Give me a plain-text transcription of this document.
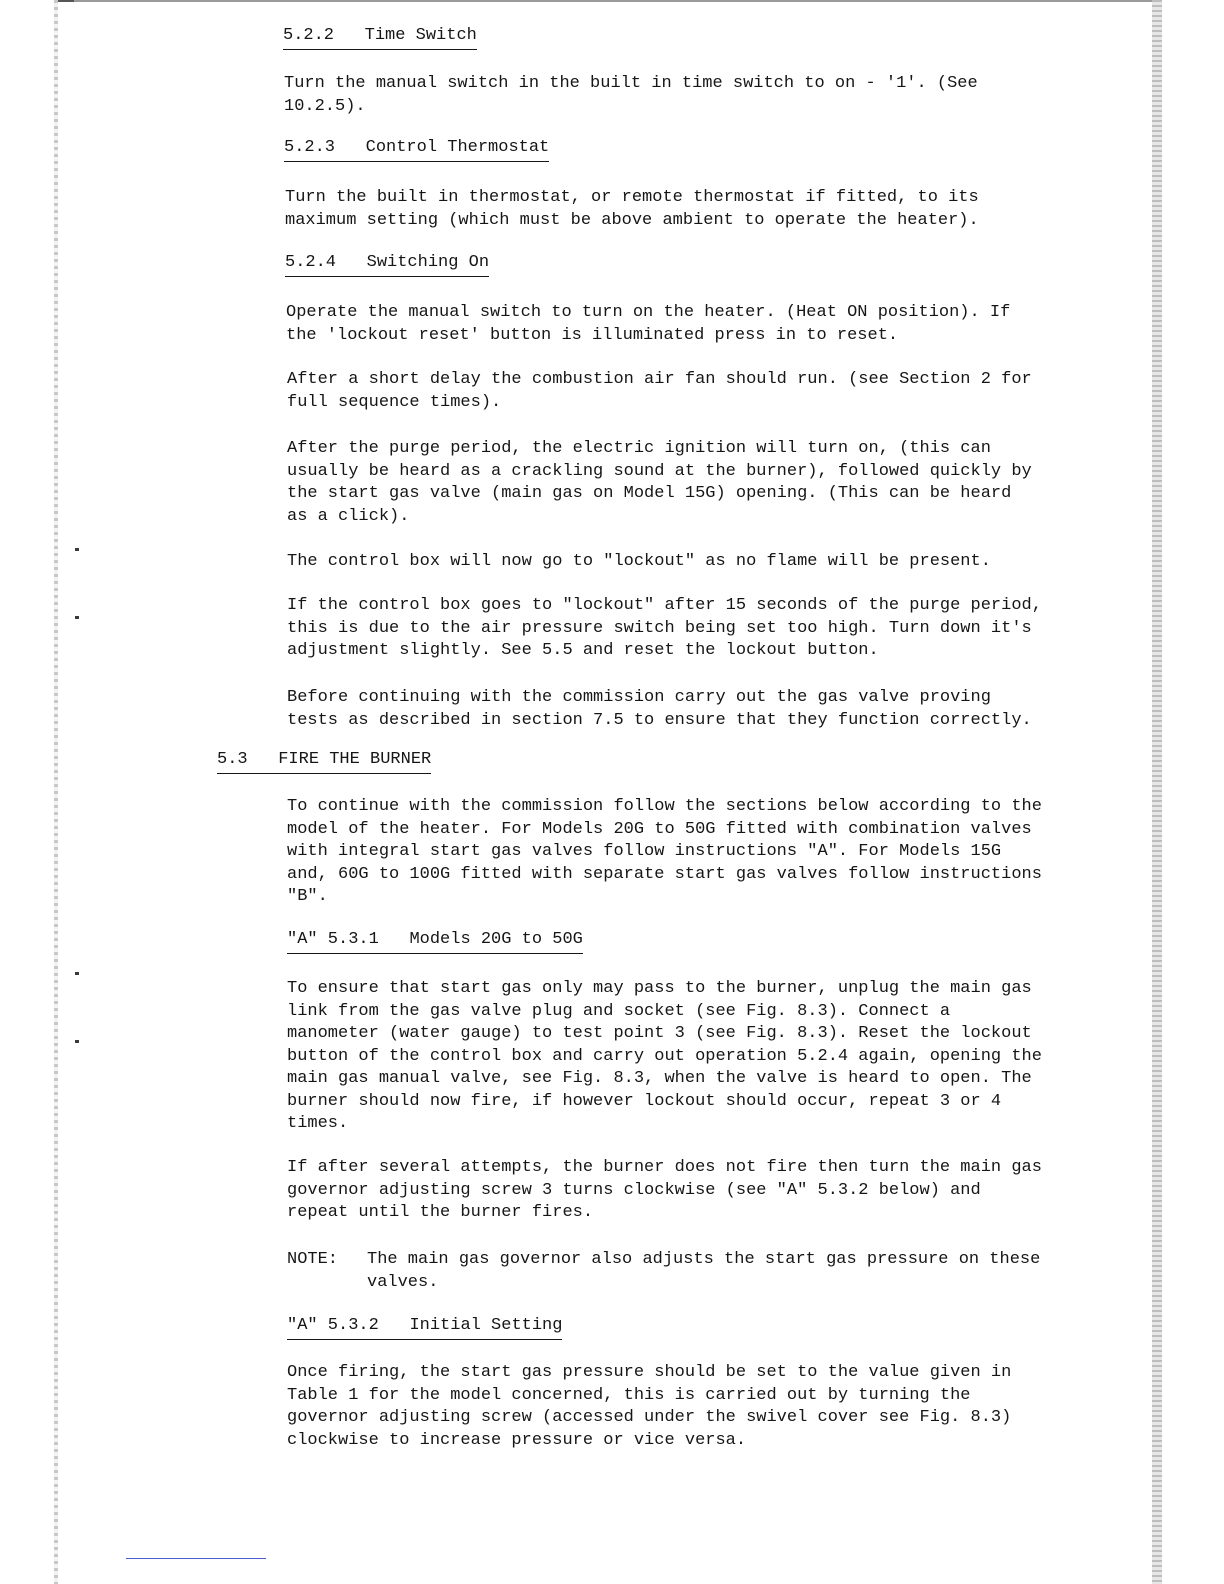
5.2.2 Time Switch

Turn the manual switch in the built in time switch to on - '1'. (See
10.2.5).

5.2.3 Control Thermostat

Turn the built in thermostat, or remote thermostat if fitted, to its
maximum setting (which must be above ambient to operate the heater).

5.2.4 Switching On

Operate the manual switch to turn on the heater. (Heat ON position). If
the 'lockout reset' button is illuminated press in to reset.

After a short delay the combustion air fan should run. (see Section 2 for
full sequence times).

After the purge period, the electric ignition will turn on, (this can
usually be heard as a crackling sound at the burner), followed quickly by
the start gas valve (main gas on Model 15G) opening. (This can be heard
as a click).

The control box will now go to "lockout" as no flame will be present.

If the control box goes to "lockout" after 15 seconds of the purge period,
this is due to the air pressure switch being set too high. Turn down it's
adjustment slightly. See 5.5 and reset the lockout button.

Before continuing with the commission carry out the gas valve proving
tests as described in section 7.5 to ensure that they function correctly.

5.3 FIRE THE BURNER

To continue with the commission follow the sections below according to the
model of the heater. For Models 20G to 50G fitted with combination valves
with integral start gas valves follow instructions "A". For Models 15G
and, 60G to 100G fitted with separate start gas valves follow instructions
"B".

"A" 5.3.1 Models 20G to 50G

To ensure that start gas only may pass to the burner, unplug the main gas
link from the gas valve plug and socket (see Fig. 8.3). Connect a
manometer (water gauge) to test point 3 (see Fig. 8.3). Reset the lockout
button of the control box and carry out operation 5.2.4 again, opening the
main gas manual valve, see Fig. 8.3, when the valve is heard to open. The
burner should now fire, if however lockout should occur, repeat 3 or 4
times.

If after several attempts, the burner does not fire then turn the main gas
governor adjusting screw 3 turns clockwise (see "A" 5.3.2 below) and
repeat until the burner fires.

NOTE: The main gas governor also adjusts the start gas pressure on these
valves.
"A" 5.3.2 Initial Setting

Once firing, the start gas pressure should be set to the value given in
Table 1 for the model concerned, this is carried out by turning the
governor adjusting screw (accessed under the swivel cover see Fig. 8.3)
clockwise to increase pressure or vice versa.
